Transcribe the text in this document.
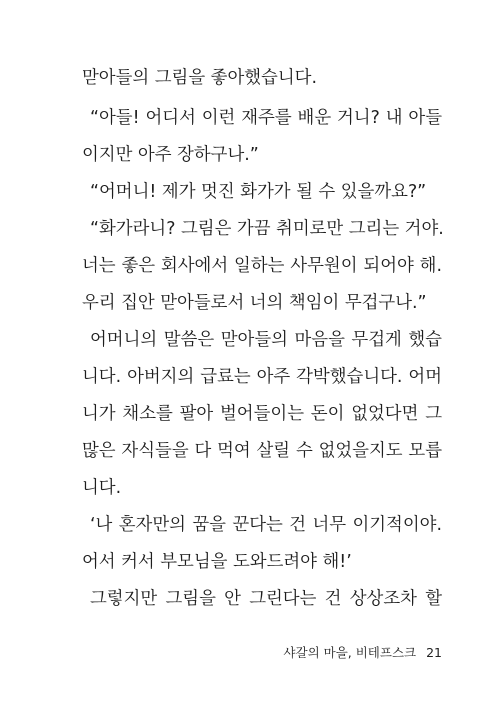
맏아들의 그림을 좋아했습니다.
“아들! 어디서 이런 재주를 배운 거니? 내 아들
이지만 아주 장하구나.”
“어머니! 제가 멋진 화가가 될 수 있을까요?”
“화가라니? 그림은 가끔 취미로만 그리는 거야.
너는 좋은 회사에서 일하는 사무원이 되어야 해.
우리 집안 맏아들로서 너의 책임이 무겁구나.”
어머니의 말씀은 맏아들의 마음을 무겁게 했습
니다. 아버지의 급료는 아주 각박했습니다. 어머
니가 채소를 팔아 벌어들이는 돈이 없었다면 그
많은 자식들을 다 먹여 살릴 수 없었을지도 모릅
니다.
‘나 혼자만의 꿈을 꾼다는 건 너무 이기적이야.
어서 커서 부모님을 도와드려야 해!’
그렇지만 그림을 안 그린다는 건 상상조차 할
샤갈의 마을, 비테프스크 21
